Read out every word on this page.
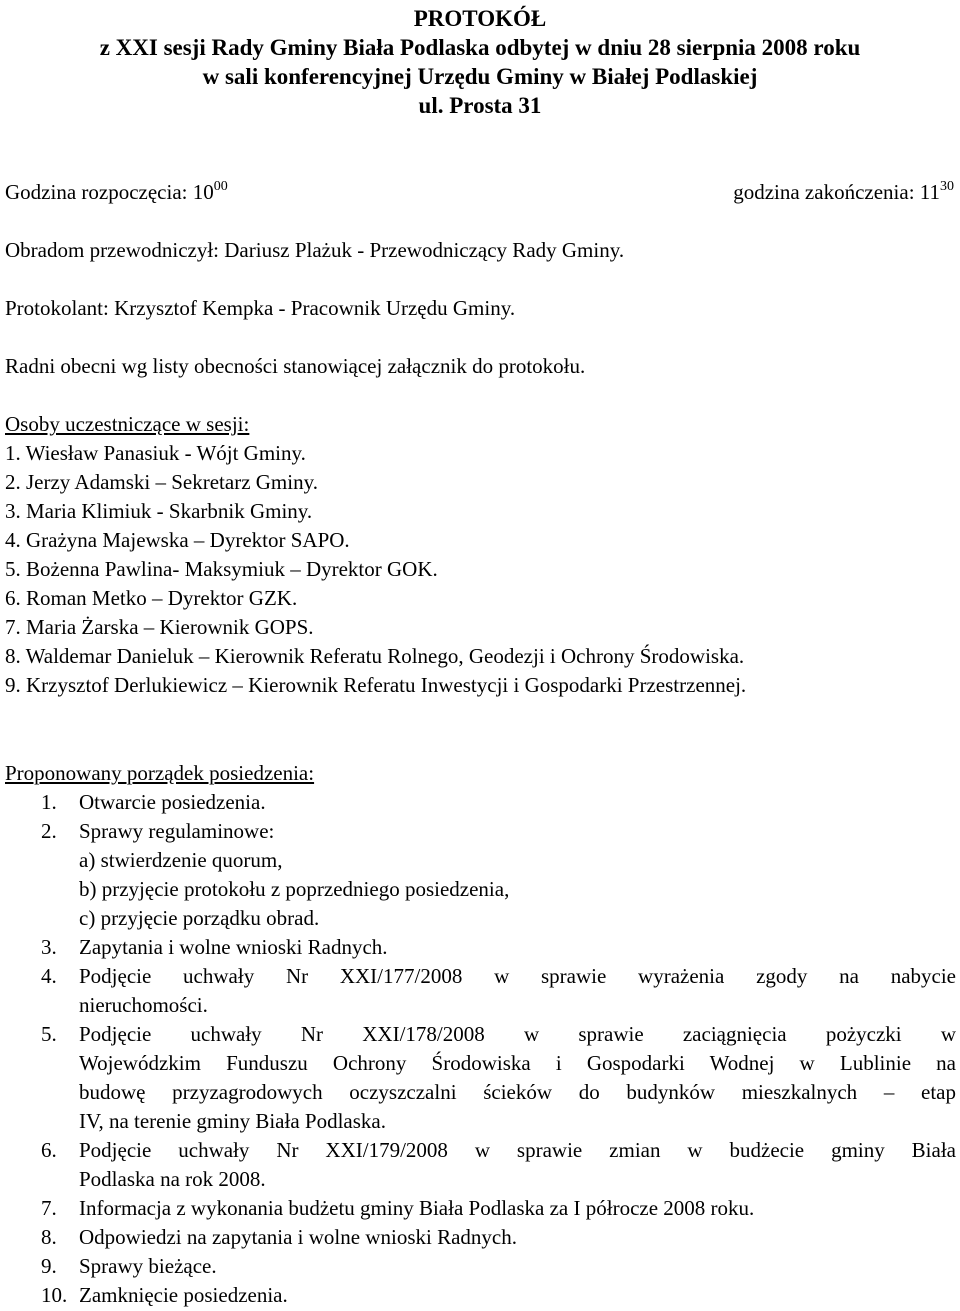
PROTOKÓŁ
z XXI sesji Rady Gminy Biała Podlaska odbytej w dniu 28 sierpnia 2008 roku
w sali konferencyjnej Urzędu Gminy w Białej Podlaskiej
ul. Prosta 31
Godzina rozpoczęcia: $10^{00}$	godzina zakończenia: $11^{30}$
Obradom przewodniczył: Dariusz Plażuk - Przewodniczący Rady Gminy.
Protokolant: Krzysztof Kempka - Pracownik Urzędu Gminy.
Radni obecni wg listy obecności stanowiącej załącznik do protokołu.
Osoby uczestniczące w sesji:
1. Wiesław Panasiuk - Wójt Gminy.
2. Jerzy Adamski – Sekretarz Gminy.
3. Maria Klimiuk - Skarbnik Gminy.
4. Grażyna Majewska – Dyrektor SAPO.
5. Bożenna Pawlina- Maksymiuk – Dyrektor GOK.
6. Roman Metko – Dyrektor GZK.
7. Maria Żarska – Kierownik GOPS.
8. Waldemar Danieluk – Kierownik Referatu Rolnego, Geodezji i Ochrony Środowiska.
9. Krzysztof Derlukiewicz – Kierownik Referatu Inwestycji i Gospodarki Przestrzennej.
Proponowany porządek posiedzenia:
1. Otwarcie posiedzenia.
2. Sprawy regulaminowe:
a) stwierdzenie quorum,
b) przyjęcie protokołu z poprzedniego posiedzenia,
c) przyjęcie porządku obrad.
3. Zapytania i wolne wnioski Radnych.
4. Podjęcie uchwały Nr XXI/177/2008 w sprawie wyrażenia zgody na nabycie
nieruchomości.
5. Podjęcie uchwały Nr XXI/178/2008 w sprawie zaciągnięcia pożyczki w
Wojewódzkim Funduszu Ochrony Środowiska i Gospodarki Wodnej w Lublinie na
budowę przyzagrodowych oczyszczalni ścieków do budynków mieszkalnych – etap
IV, na terenie gminy Biała Podlaska.
6. Podjęcie uchwały Nr XXI/179/2008 w sprawie zmian w budżecie gminy Biała
Podlaska na rok 2008.
7. Informacja z wykonania budżetu gminy Biała Podlaska za I półrocze 2008 roku.
8. Odpowiedzi na zapytania i wolne wnioski Radnych.
9. Sprawy bieżące.
10. Zamknięcie posiedzenia.
